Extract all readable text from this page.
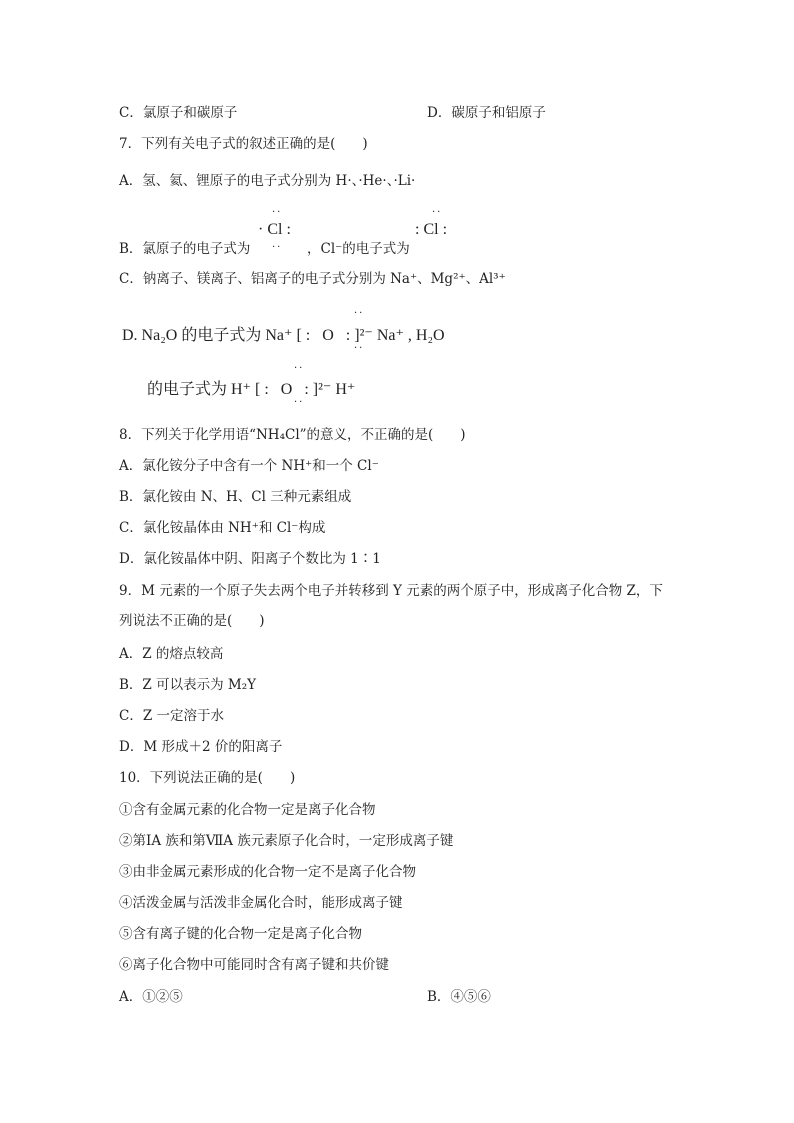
C．氯原子和碳原子	D．碳原子和铝原子
7．下列有关电子式的叙述正确的是(　　)
A．氢、氦、锂原子的电子式分别为 H·、·He·、·Li·
B．氯原子的电子式为
··
· Cl :
·· ，Cl⁻的电子式为
··
: Cl :
C．钠离子、镁离子、铝离子的电子式分别为 Na⁺、Mg²⁺、Al³⁺
··
D. Na₂O 的电子式为 Na⁺ [ : O : ]²⁻ Na⁺ , H₂O
··
··
的电子式为 H⁺ [ : O : ]²⁻ H⁺
··
8．下列关于化学用语“NH₄Cl”的意义，不正确的是(　　)
A．氯化铵分子中含有一个 NH⁺和一个 Cl⁻
B．氯化铵由 N、H、Cl 三种元素组成
C．氯化铵晶体由 NH⁺和 Cl⁻构成
D．氯化铵晶体中阴、阳离子个数比为 1∶1
9．M 元素的一个原子失去两个电子并转移到 Y 元素的两个原子中，形成离子化合物 Z，下
列说法不正确的是(　　)
A．Z 的熔点较高
B．Z 可以表示为 M₂Y
C．Z 一定溶于水
D．M 形成＋2 价的阳离子
10．下列说法正确的是(　　)
①含有金属元素的化合物一定是离子化合物
②第ⅠA 族和第ⅦA 族元素原子化合时，一定形成离子键
③由非金属元素形成的化合物一定不是离子化合物
④活泼金属与活泼非金属化合时，能形成离子键
⑤含有离子键的化合物一定是离子化合物
⑥离子化合物中可能同时含有离子键和共价键
A．①②⑤	B．④⑤⑥
